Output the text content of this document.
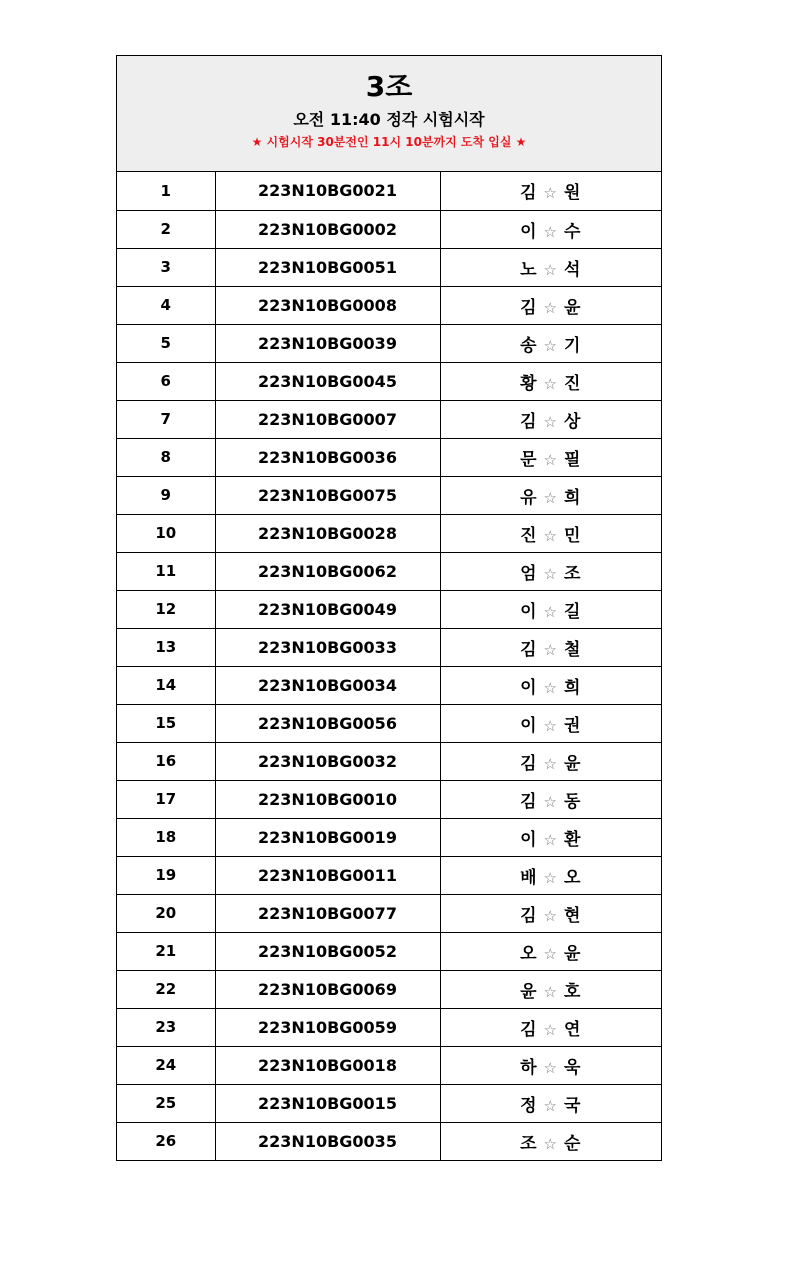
3조
오전 11:40 정각 시험시작
★ 시험시작 30분전인 11시 10분까지 도착 입실 ★
1	223N10BG0021	김 ☆ 원
2	223N10BG0002	이 ☆ 수
3	223N10BG0051	노 ☆ 석
4	223N10BG0008	김 ☆ 윤
5	223N10BG0039	송 ☆ 기
6	223N10BG0045	황 ☆ 진
7	223N10BG0007	김 ☆ 상
8	223N10BG0036	문 ☆ 필
9	223N10BG0075	유 ☆ 희
10	223N10BG0028	진 ☆ 민
11	223N10BG0062	엄 ☆ 조
12	223N10BG0049	이 ☆ 길
13	223N10BG0033	김 ☆ 철
14	223N10BG0034	이 ☆ 희
15	223N10BG0056	이 ☆ 권
16	223N10BG0032	김 ☆ 윤
17	223N10BG0010	김 ☆ 동
18	223N10BG0019	이 ☆ 환
19	223N10BG0011	배 ☆ 오
20	223N10BG0077	김 ☆ 현
21	223N10BG0052	오 ☆ 윤
22	223N10BG0069	윤 ☆ 호
23	223N10BG0059	김 ☆ 연
24	223N10BG0018	하 ☆ 욱
25	223N10BG0015	정 ☆ 국
26	223N10BG0035	조 ☆ 순
